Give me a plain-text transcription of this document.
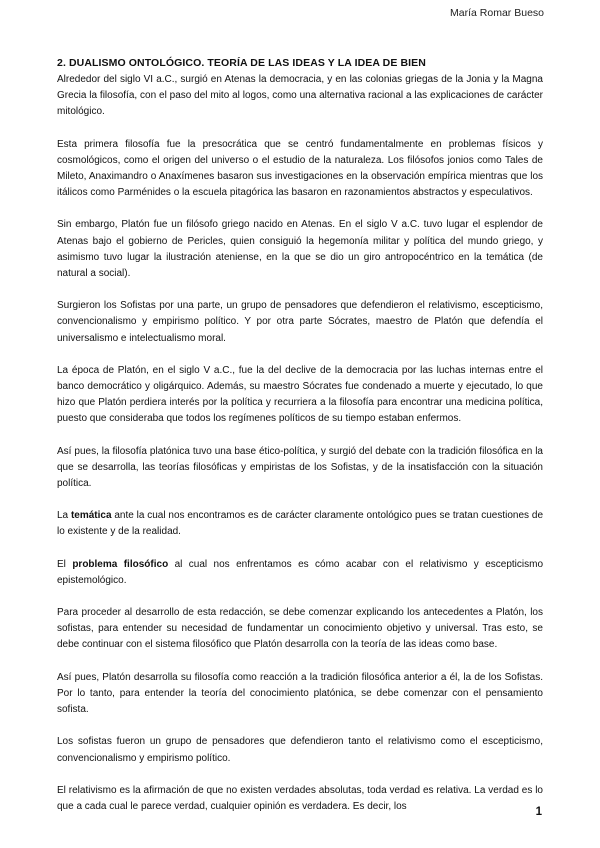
María Romar Bueso

2. DUALISMO ONTOLÓGICO. TEORÍA DE LAS IDEAS Y LA IDEA DE BIEN

Alrededor del siglo VI a.C., surgió en Atenas la democracia, y en las colonias griegas de la Jonia y la Magna Grecia la filosofía, con el paso del mito al logos, como una alternativa racional a las explicaciones de carácter mitológico.

Esta primera filosofía fue la presocrática que se centró fundamentalmente en problemas físicos y cosmológicos, como el origen del universo o el estudio de la naturaleza. Los filósofos jonios como Tales de Mileto, Anaximandro o Anaxímenes basaron sus investigaciones en la observación empírica mientras que los itálicos como Parménides o la escuela pitagórica las basaron en razonamientos abstractos y especulativos.

Sin embargo, Platón fue un filósofo griego nacido en Atenas. En el siglo V a.C. tuvo lugar el esplendor de Atenas bajo el gobierno de Pericles, quien consiguió la hegemonía militar y política del mundo griego, y asimismo tuvo lugar la ilustración ateniense, en la que se dio un giro antropocéntrico en la temática (de natural a social).

Surgieron los Sofistas por una parte, un grupo de pensadores que defendieron el relativismo, escepticismo, convencionalismo y empirismo político. Y por otra parte Sócrates, maestro de Platón que defendía el universalismo e intelectualismo moral.

La época de Platón, en el siglo V a.C., fue la del declive de la democracia por las luchas internas entre el banco democrático y oligárquico. Además, su maestro Sócrates fue condenado a muerte y ejecutado, lo que hizo que Platón perdiera interés por la política y recurriera a la filosofía para encontrar una medicina política, puesto que consideraba que todos los regímenes políticos de su tiempo estaban enfermos.

Así pues, la filosofía platónica tuvo una base ético-política, y surgió del debate con la tradición filosófica en la que se desarrolla, las teorías filosóficas y empiristas de los Sofistas, y de la insatisfacción con la situación política.

La temática ante la cual nos encontramos es de carácter claramente ontológico pues se tratan cuestiones de lo existente y de la realidad.

El problema filosófico al cual nos enfrentamos es cómo acabar con el relativismo y escepticismo epistemológico.

Para proceder al desarrollo de esta redacción, se debe comenzar explicando los antecedentes a Platón, los sofistas, para entender su necesidad de fundamentar un conocimiento objetivo y universal. Tras esto, se debe continuar con el sistema filosófico que Platón desarrolla con la teoría de las ideas como base.

Así pues, Platón desarrolla su filosofía como reacción a la tradición filosófica anterior a él, la de los Sofistas. Por lo tanto, para entender la teoría del conocimiento platónica, se debe comenzar con el pensamiento sofista.

Los sofistas fueron un grupo de pensadores que defendieron tanto el relativismo como el escepticismo, convencionalismo y empirismo político.

El relativismo es la afirmación de que no existen verdades absolutas, toda verdad es relativa. La verdad es lo que a cada cual le parece verdad, cualquier opinión es verdadera. Es decir, los	1
